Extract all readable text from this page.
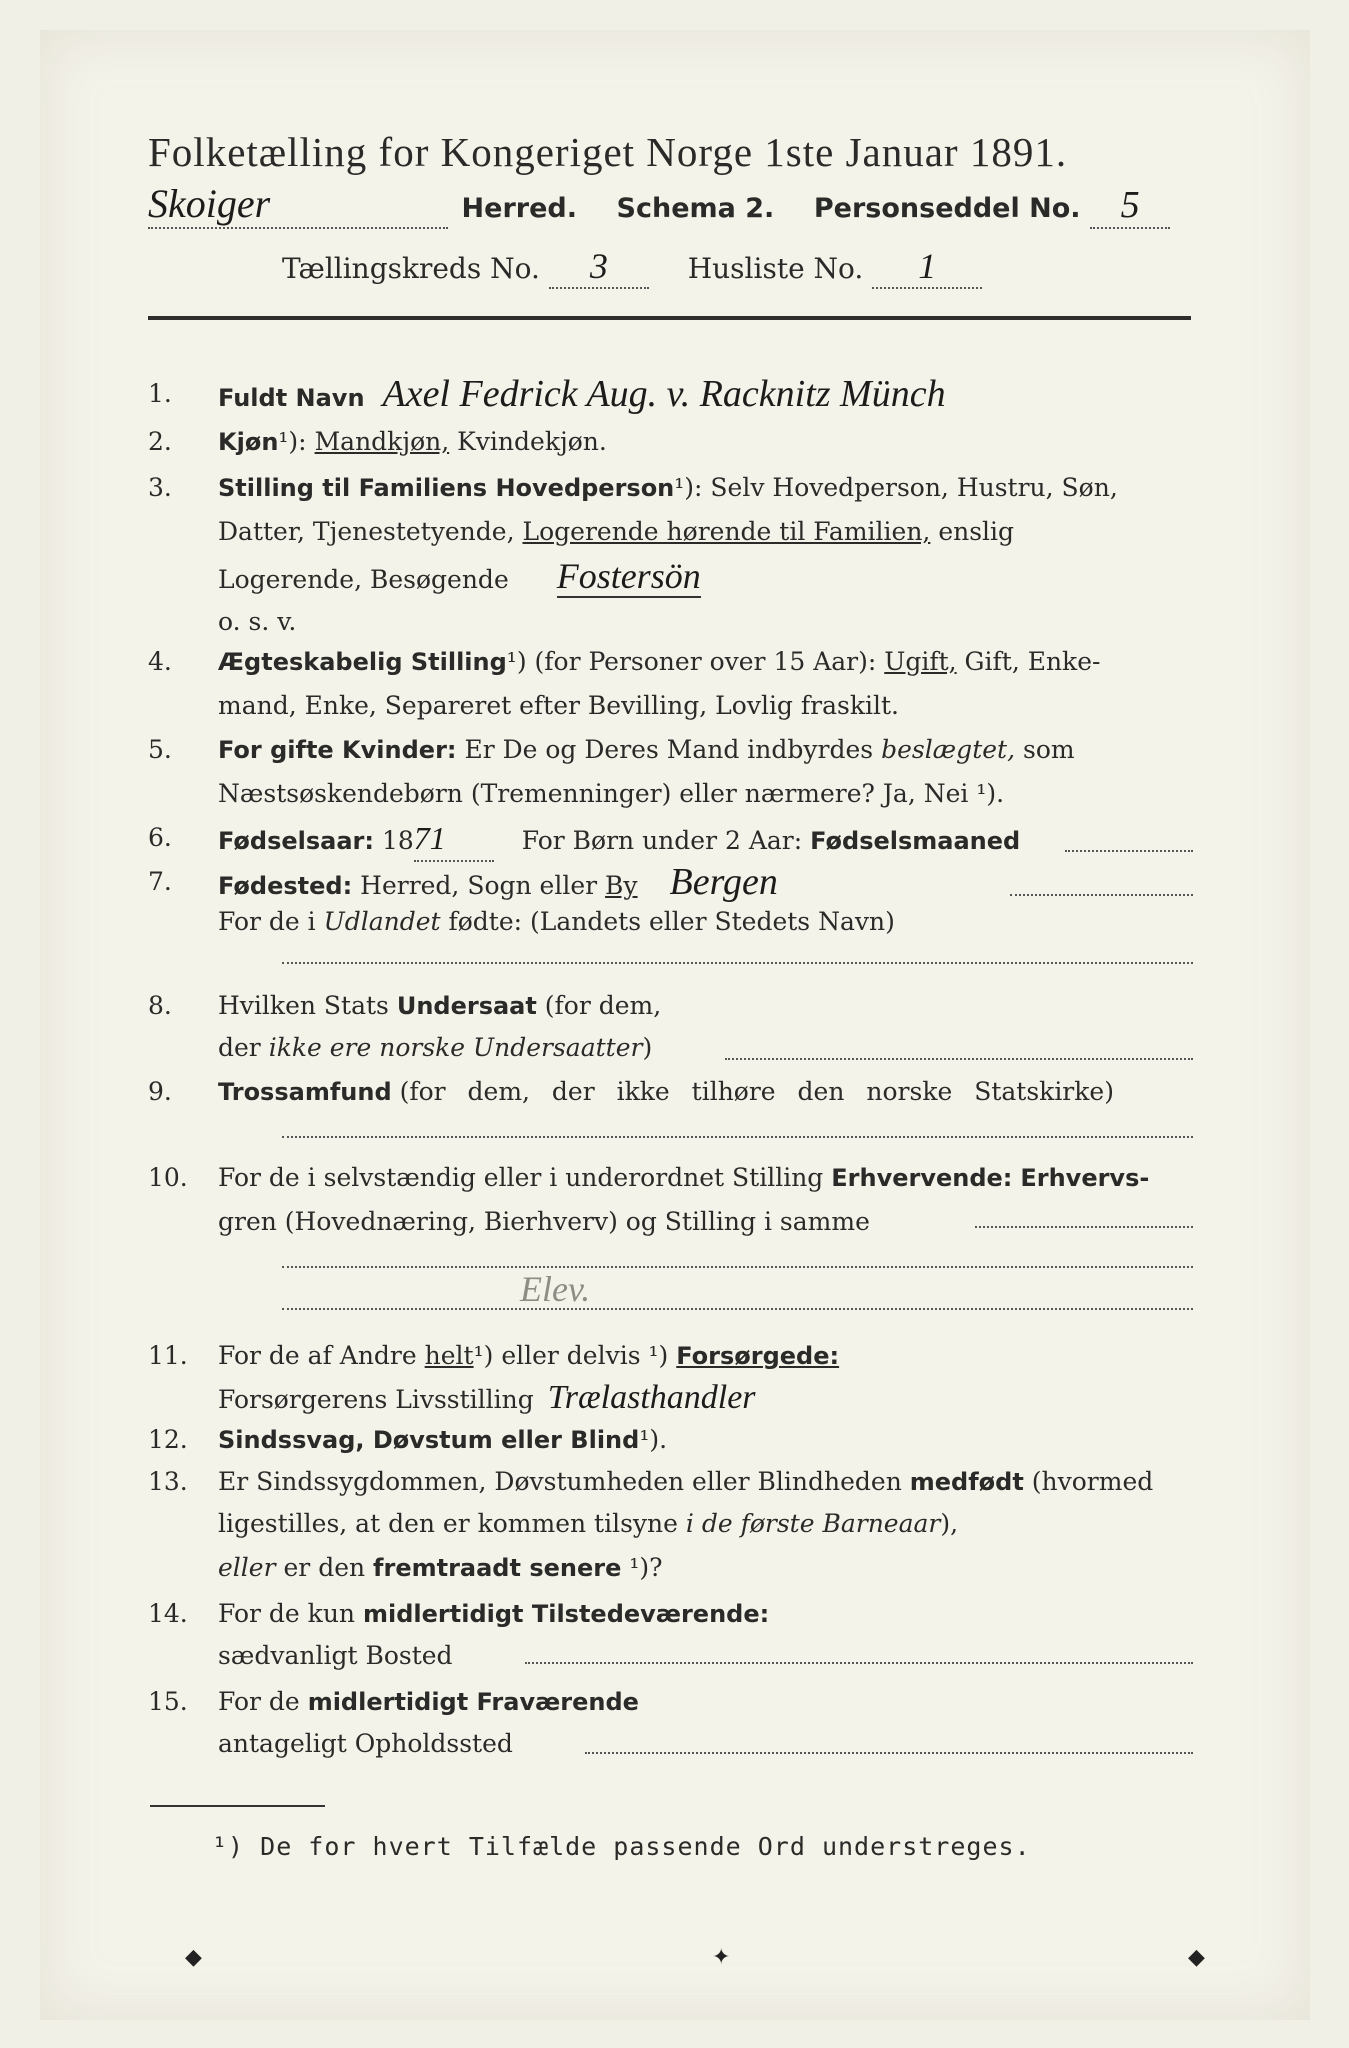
Folketælling for Kongeriget Norge 1ste Januar 1891.
Skoiger	Herred. Schema 2. Personseddel No. 5
Tællingskreds No. 3	Husliste No. 1
1.	Fuldt Navn Axel Fedrick Aug. v. Racknitz Münch
2.	Kjøn¹): Mandkjøn, Kvindekjøn.
3.	Stilling til Familiens Hovedperson¹): Selv Hovedperson, Hustru, Søn,
Datter, Tjenestetyende, Logerende hørende til Familien, enslig
Logerende, Besøgende Fostersön
o. s. v.
4.	Ægteskabelig Stilling¹) (for Personer over 15 Aar): Ugift, Gift, Enke-
mand, Enke, Separeret efter Bevilling, Lovlig fraskilt.
5.	For gifte Kvinder: Er De og Deres Mand indbyrdes beslægtet, som
Næstsøskendebørn (Tremenninger) eller nærmere? Ja, Nei ¹).
6.	Fødselsaar: 1871	For Børn under 2 Aar: Fødselsmaaned
7.	Fødested: Herred, Sogn eller By Bergen
For de i Udlandet fødte: (Landets eller Stedets Navn)
8.	Hvilken Stats Undersaat (for dem,
der ikke ere norske Undersaatter)
9.	Trossamfund (for dem, der ikke tilhøre den norske Statskirke)
10.	For de i selvstændig eller i underordnet Stilling Erhvervende: Erhvervs-
gren (Hovednæring, Bierhverv) og Stilling i samme
Elev.
11.	For de af Andre helt¹) eller delvis ¹) Forsørgede:
Forsørgerens Livsstilling Trælasthandler
12.	Sindssvag, Døvstum eller Blind¹).
13.	Er Sindssygdommen, Døvstumheden eller Blindheden medfødt (hvormed
ligestilles, at den er kommen tilsyne i de første Barneaar),
eller er den fremtraadt senere ¹)?
14.	For de kun midlertidigt Tilstedeværende:
sædvanligt Bosted
15.	For de midlertidigt Fraværende
antageligt Opholdssted
¹) De for hvert Tilfælde passende Ord understreges.
◆	✦	◆
